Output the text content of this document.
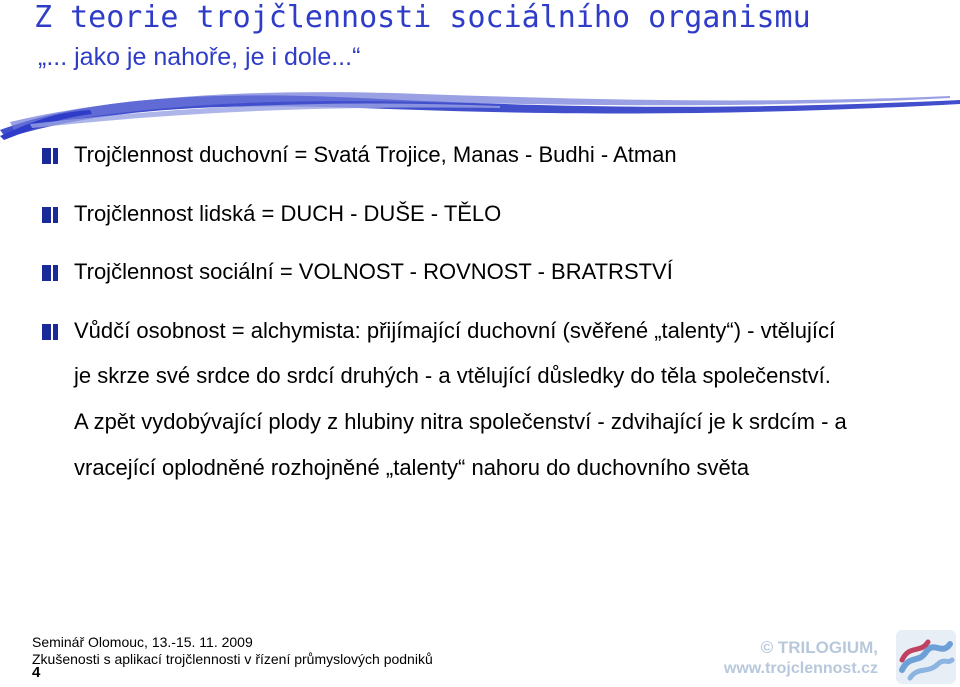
Z teorie trojčlennosti sociálního organismu
„... jako je nahoře, je i dole...“
Trojčlennost duchovní = Svatá Trojice, Manas - Budhi - Atman
Trojčlennost lidská = DUCH - DUŠE - TĚLO
Trojčlennost sociální = VOLNOST - ROVNOST - BRATRSTVÍ
Vůdčí osobnost = alchymista: přijímající duchovní (svěřené „talenty“) - vtělující
je skrze své srdce do srdcí druhých - a vtělující důsledky do těla společenství.
A zpět vydobývající plody z hlubiny nitra společenství - zdvihající je k srdcím - a
vracející oplodněné rozhojněné „talenty“ nahoru do duchovního světa
Seminář Olomouc, 13.-15. 11. 2009
Zkušenosti s aplikací trojčlennosti v řízení průmyslových podniků
4
© TRILOGIUM,
www.trojclennost.cz
